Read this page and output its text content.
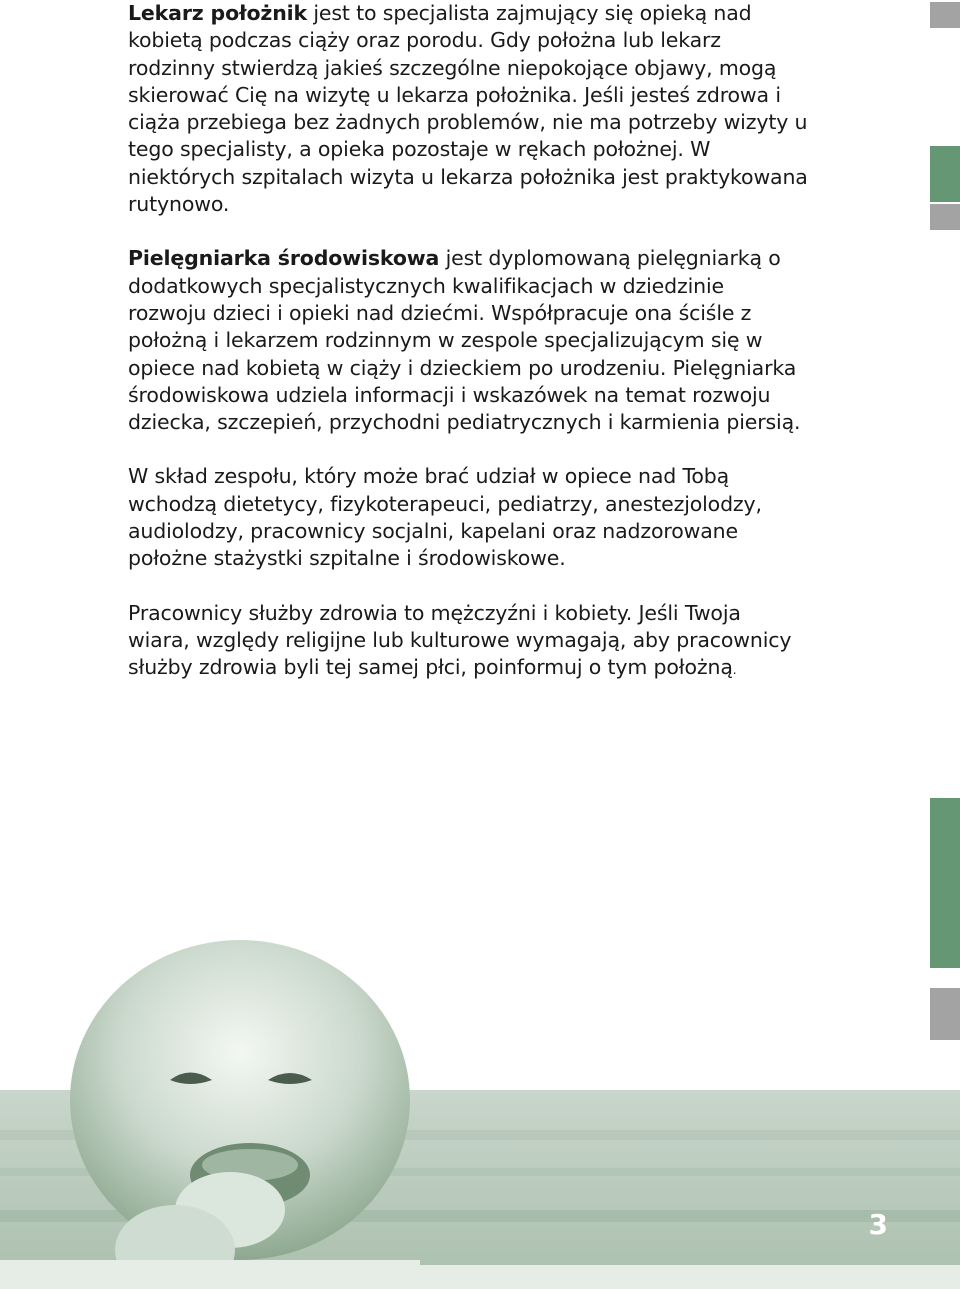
Lekarz położnik jest to specjalista zajmujący się opieką nad kobietą podczas ciąży oraz porodu. Gdy położna lub lekarz rodzinny stwierdzą jakieś szczególne niepokojące objawy, mogą skierować Cię na wizytę u lekarza położnika. Jeśli jesteś zdrowa i ciąża przebiega bez żadnych problemów, nie ma potrzeby wizyty u tego specjalisty, a opieka pozostaje w rękach położnej. W niektórych szpitalach wizyta u lekarza położnika jest praktykowana rutynowo.

Pielęgniarka środowiskowa jest dyplomowaną pielęgniarką o dodatkowych specjalistycznych kwalifikacjach w dziedzinie rozwoju dzieci i opieki nad dziećmi. Współpracuje ona ściśle z położną i lekarzem rodzinnym w zespole specjalizującym się w opiece nad kobietą w ciąży i dzieckiem po urodzeniu. Pielęgniarka środowiskowa udziela informacji i wskazówek na temat rozwoju dziecka, szczepień, przychodni pediatrycznych i karmienia piersią.

W skład zespołu, który może brać udział w opiece nad Tobą wchodzą dietetycy, fizykoterapeuci, pediatrzy, anestezjolodzy, audiolodzy, pracownicy socjalni, kapelani oraz nadzorowane położne stażystki szpitalne i środowiskowe.

Pracownicy służby zdrowia to mężczyźni i kobiety. Jeśli Twoja wiara, względy religijne lub kulturowe wymagają, aby pracownicy służby zdrowia byli tej samej płci, poinformuj o tym położną.

3
